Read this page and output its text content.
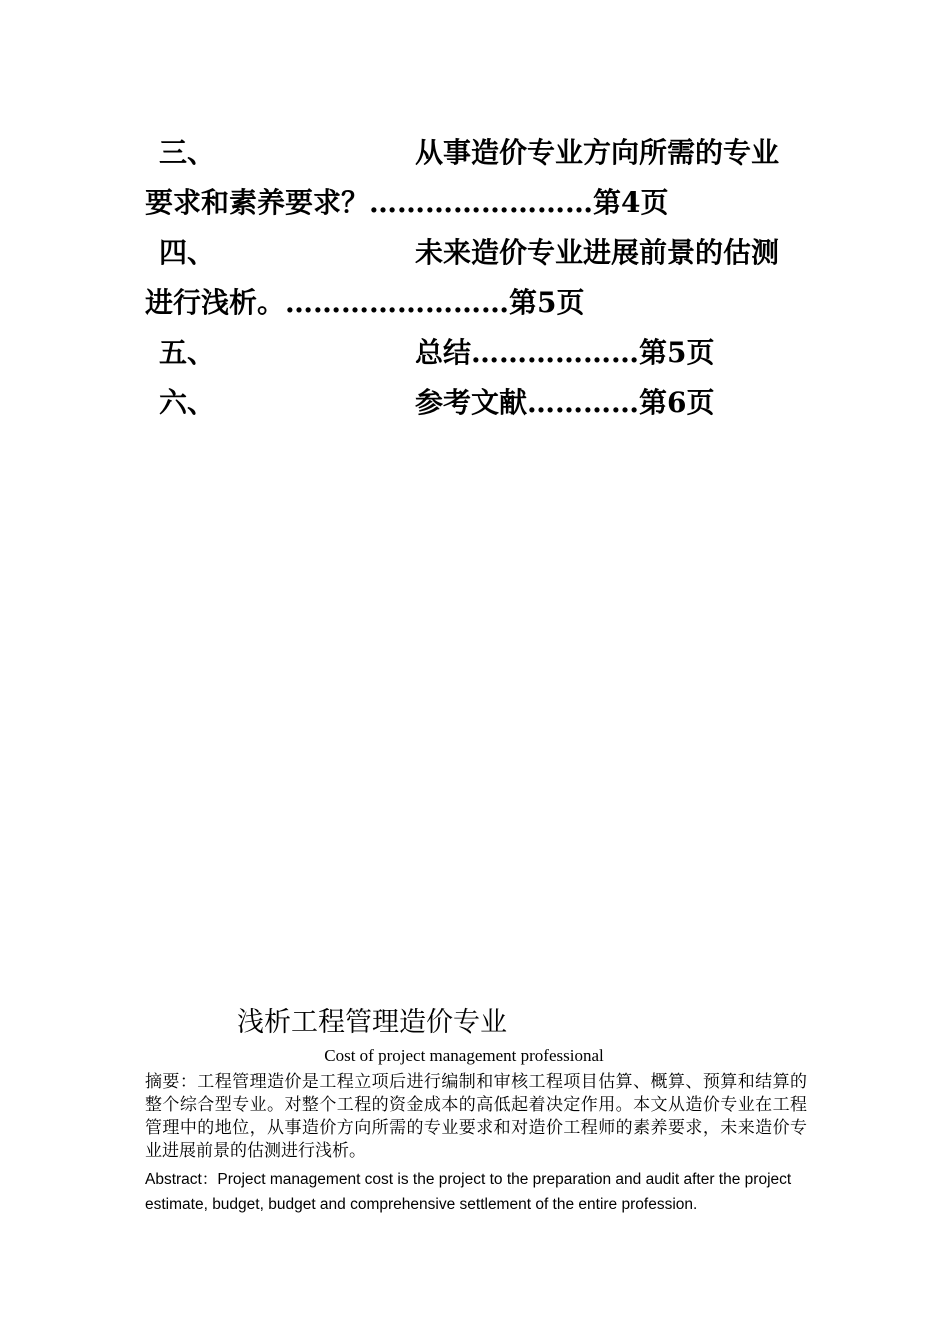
三、	从事造价专业方向所需的专业
要求和素养要求？……………………第4页
四、	未来造价专业进展前景的估测
进行浅析。……………………第5页
五、	总结………………第5页
六、	参考文献…………第6页
浅析工程管理造价专业
Cost of project management professional
摘要：工程管理造价是工程立项后进行编制和审核工程项目估算、概算、预算和结算的整个综合型专业。对整个工程的资金成本的高低起着决定作用。本文从造价专业在工程管理中的地位，从事造价方向所需的专业要求和对造价工程师的素养要求，未来造价专业进展前景的估测进行浅析。
Abstract：Project management cost is the project to the preparation and audit after the project estimate, budget, budget and comprehensive settlement of the entire profession.
